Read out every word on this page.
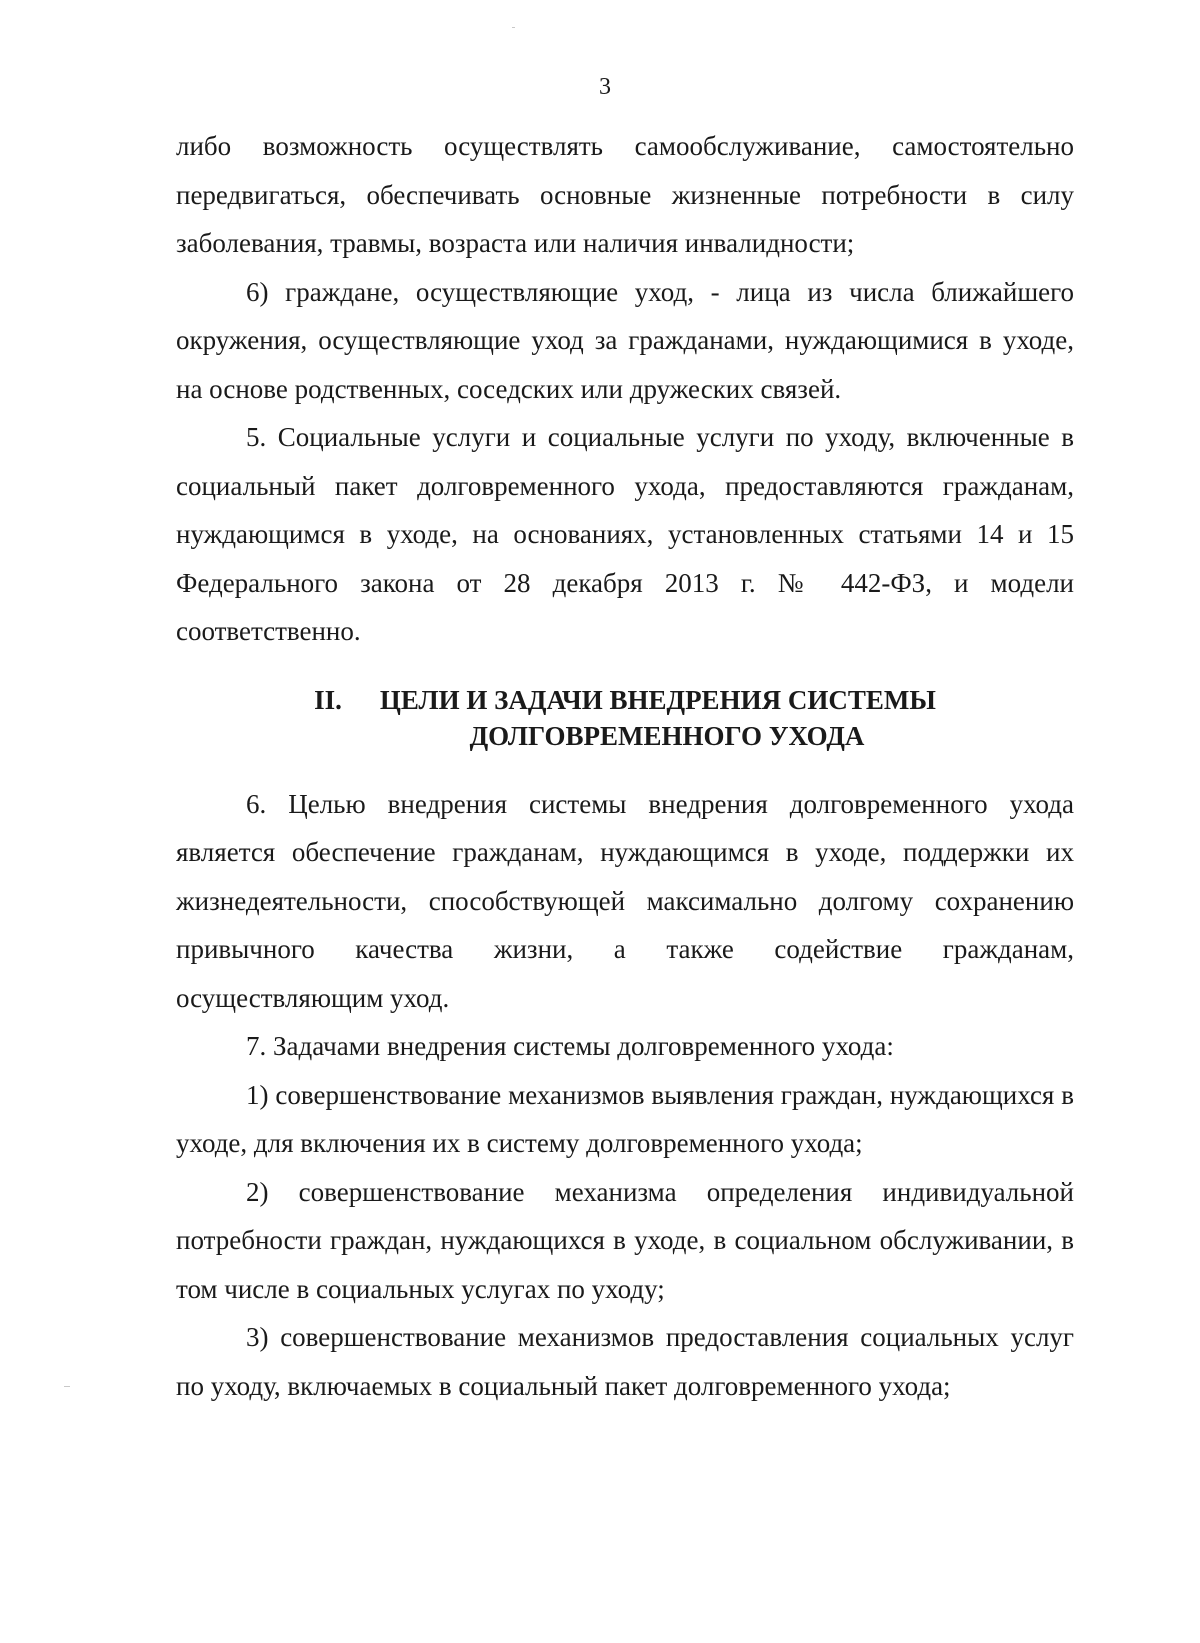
3

либо возможность осуществлять самообслуживание, самостоятельно передвигаться, обеспечивать основные жизненные потребности в силу заболевания, травмы, возраста или наличия инвалидности;

6) граждане, осуществляющие уход, - лица из числа ближайшего окружения, осуществляющие уход за гражданами, нуждающимися в уходе, на основе родственных, соседских или дружеских связей.

5. Социальные услуги и социальные услуги по уходу, включенные в социальный пакет долговременного ухода, предоставляются гражданам, нуждающимся в уходе, на основаниях, установленных статьями 14 и 15 Федерального закона от 28 декабря 2013 г. № 442-ФЗ, и модели соответственно.

II. ЦЕЛИ И ЗАДАЧИ ВНЕДРЕНИЯ СИСТЕМЫ
ДОЛГОВРЕМЕННОГО УХОДА

6. Целью внедрения системы внедрения долговременного ухода является обеспечение гражданам, нуждающимся в уходе, поддержки их жизнедеятельности, способствующей максимально долгому сохранению привычного качества жизни, а также содействие гражданам, осуществляющим уход.

7. Задачами внедрения системы долговременного ухода:

1) совершенствование механизмов выявления граждан, нуждающихся в уходе, для включения их в систему долговременного ухода;

2) совершенствование механизма определения индивидуальной потребности граждан, нуждающихся в уходе, в социальном обслуживании, в том числе в социальных услугах по уходу;

3) совершенствование механизмов предоставления социальных услуг по уходу, включаемых в социальный пакет долговременного ухода;
